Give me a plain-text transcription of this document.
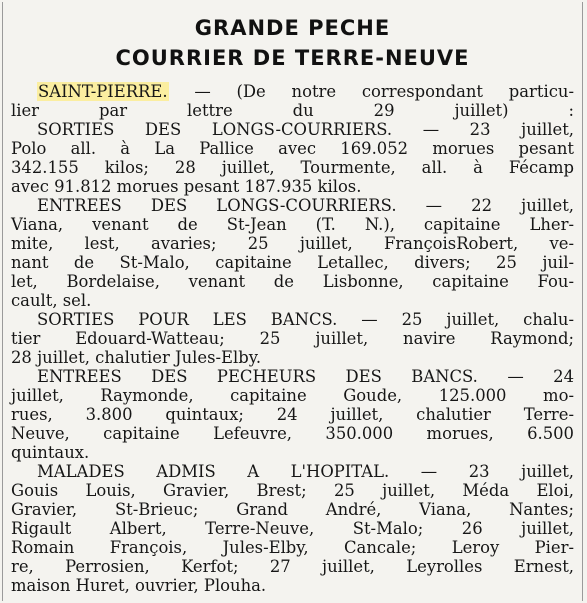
GRANDE PECHE
COURRIER DE TERRE-NEUVE
SAINT-PIERRE. — (De notre correspondant particu-
lier par lettre du 29 juillet) :
SORTIES DES LONGS-COURRIERS. — 23 juillet,
Polo all. à La Pallice avec 169.052 morues pesant
342.155 kilos; 28 juillet, Tourmente, all. à Fécamp
avec 91.812 morues pesant 187.935 kilos.
ENTREES DES LONGS-COURRIERS. — 22 juillet,
Viana, venant de St-Jean (T. N.), capitaine Lher-
mite, lest, avaries; 25 juillet, FrançoisRobert, ve-
nant de St-Malo, capitaine Letallec, divers; 25 juil-
let, Bordelaise, venant de Lisbonne, capitaine Fou-
cault, sel.
SORTIES POUR LES BANCS. — 25 juillet, chalu-
tier Edouard-Watteau; 25 juillet, navire Raymond;
28 juillet, chalutier Jules-Elby.
ENTREES DES PECHEURS DES BANCS. — 24
juillet, Raymonde, capitaine Goude, 125.000 mo-
rues, 3.800 quintaux; 24 juillet, chalutier Terre-
Neuve, capitaine Lefeuvre, 350.000 morues, 6.500
quintaux.
MALADES ADMIS A L'HOPITAL. — 23 juillet,
Gouis Louis, Gravier, Brest; 25 juillet, Méda Eloi,
Gravier, St-Brieuc; Grand André, Viana, Nantes;
Rigault Albert, Terre-Neuve, St-Malo; 26 juillet,
Romain François, Jules-Elby, Cancale; Leroy Pier-
re, Perrosien, Kerfot; 27 juillet, Leyrolles Ernest,
maison Huret, ouvrier, Plouha.
